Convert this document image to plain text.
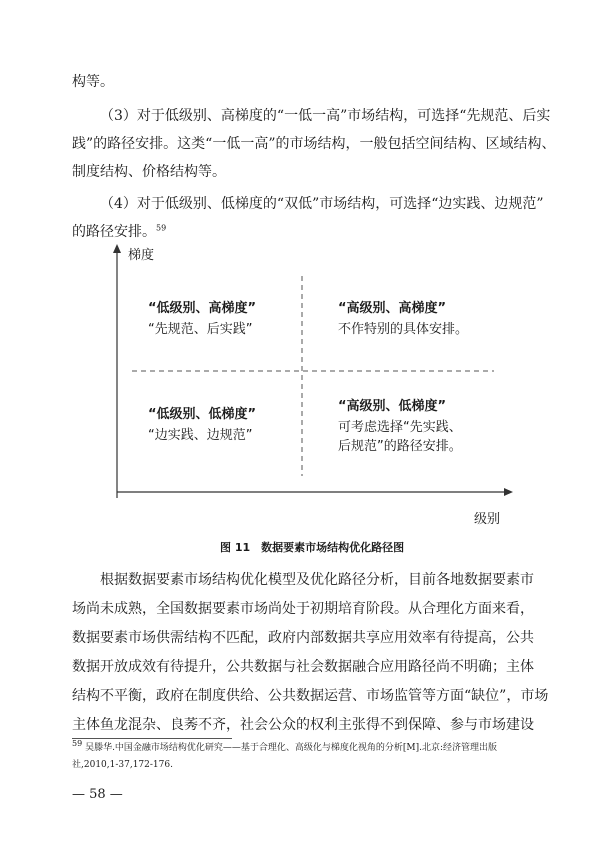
构等。
（3）对于低级别、高梯度的“一低一高”市场结构，可选择“先规范、后实
践”的路径安排。这类“一低一高”的市场结构，一般包括空间结构、区域结构、
制度结构、价格结构等。
（4）对于低级别、低梯度的“双低”市场结构，可选择“边实践、边规范”
的路径安排。$^{59}$
梯度
级别
“低级别、高梯度”
“先规范、后实践”
“高级别、高梯度”
不作特别的具体安排。
“低级别、低梯度”
“边实践、边规范”
“高级别、低梯度”
可考虑选择“先实践、
后规范”的路径安排。
图 11　数据要素市场结构优化路径图
根据数据要素市场结构优化模型及优化路径分析，目前各地数据要素市
场尚未成熟，全国数据要素市场尚处于初期培育阶段。从合理化方面来看，
数据要素市场供需结构不匹配，政府内部数据共享应用效率有待提高，公共
数据开放成效有待提升，公共数据与社会数据融合应用路径尚不明确；主体
结构不平衡，政府在制度供给、公共数据运营、市场监管等方面“缺位”，市场
主体鱼龙混杂、良莠不齐，社会公众的权利主张得不到保障、参与市场建设
$^{59}$ 吴滕华.中国金融市场结构优化研究——基于合理化、高级化与梯度化视角的分析[M].北京:经济管理出版
社,2010,1-37,172-176.
— 58 —
